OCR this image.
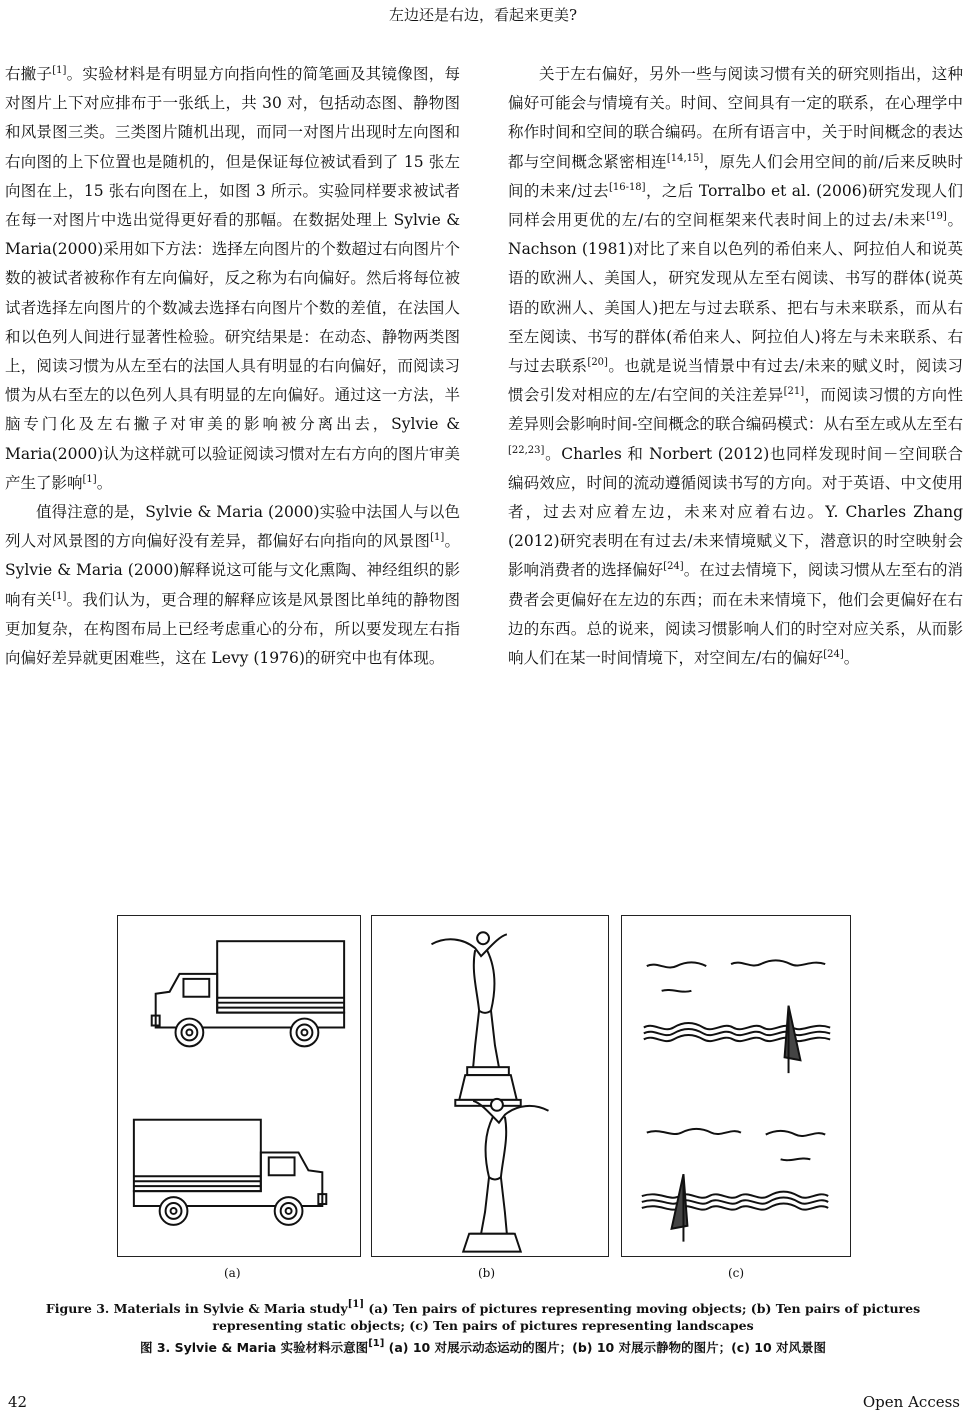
左边还是右边，看起来更美?

右撇子[1]。实验材料是有明显方向指向性的简笔画及其镜像图，每对图片上下对应排布于一张纸上，共 30 对，包括动态图、静物图和风景图三类。三类图片随机出现，而同一对图片出现时左向图和右向图的上下位置也是随机的，但是保证每位被试看到了 15 张左向图在上，15 张右向图在上，如图 3 所示。实验同样要求被试者在每一对图片中选出觉得更好看的那幅。在数据处理上 Sylvie & Maria(2000)采用如下方法：选择左向图片的个数超过右向图片个数的被试者被称作有左向偏好，反之称为右向偏好。然后将每位被试者选择左向图片的个数减去选择右向图片个数的差值，在法国人和以色列人间进行显著性检验。研究结果是：在动态、静物两类图上，阅读习惯为从左至右的法国人具有明显的右向偏好，而阅读习惯为从右至左的以色列人具有明显的左向偏好。通过这一方法，半脑专门化及左右撇子对审美的影响被分离出去，Sylvie & Maria(2000)认为这样就可以验证阅读习惯对左右方向的图片审美产生了影响[1]。

值得注意的是，Sylvie & Maria (2000)实验中法国人与以色列人对风景图的方向偏好没有差异，都偏好右向指向的风景图[1]。Sylvie & Maria (2000)解释说这可能与文化熏陶、神经组织的影响有关[1]。我们认为，更合理的解释应该是风景图比单纯的静物图更加复杂，在构图布局上已经考虑重心的分布，所以要发现左右指向偏好差异就更困难些，这在 Levy (1976)的研究中也有体现。

关于左右偏好，另外一些与阅读习惯有关的研究则指出，这种偏好可能会与情境有关。时间、空间具有一定的联系，在心理学中称作时间和空间的联合编码。在所有语言中，关于时间概念的表达都与空间概念紧密相连[14,15]，原先人们会用空间的前/后来反映时间的未来/过去[16-18]，之后 Torralbo et al. (2006)研究发现人们同样会用更优的左/右的空间框架来代表时间上的过去/未来[19]。Nachson (1981)对比了来自以色列的希伯来人、阿拉伯人和说英语的欧洲人、美国人，研究发现从左至右阅读、书写的群体(说英语的欧洲人、美国人)把左与过去联系、把右与未来联系，而从右至左阅读、书写的群体(希伯来人、阿拉伯人)将左与未来联系、右与过去联系[20]。也就是说当情景中有过去/未来的赋义时，阅读习惯会引发对相应的左/右空间的关注差异[21]，而阅读习惯的方向性差异则会影响时间-空间概念的联合编码模式：从右至左或从左至右[22,23]。Charles 和 Norbert (2012)也同样发现时间－空间联合编码效应，时间的流动遵循阅读书写的方向。对于英语、中文使用者，过去对应着左边，未来对应着右边。Y. Charles Zhang (2012)研究表明在有过去/未来情境赋义下，潜意识的时空映射会影响消费者的选择偏好[24]。在过去情境下，阅读习惯从左至右的消费者会更偏好在左边的东西；而在未来情境下，他们会更偏好在右边的东西。总的说来，阅读习惯影响人们的时空对应关系，从而影响人们在某一时间情境下，对空间左/右的偏好[24]。

(a)	(b)	(c)
Figure 3. Materials in Sylvie & Maria study[1] (a) Ten pairs of pictures representing moving objects; (b) Ten pairs of pictures representing static objects; (c) Ten pairs of pictures representing landscapes
图 3. Sylvie & Maria 实验材料示意图[1] (a) 10 对展示动态运动的图片；(b) 10 对展示静物的图片；(c) 10 对风景图
42	Open Access
